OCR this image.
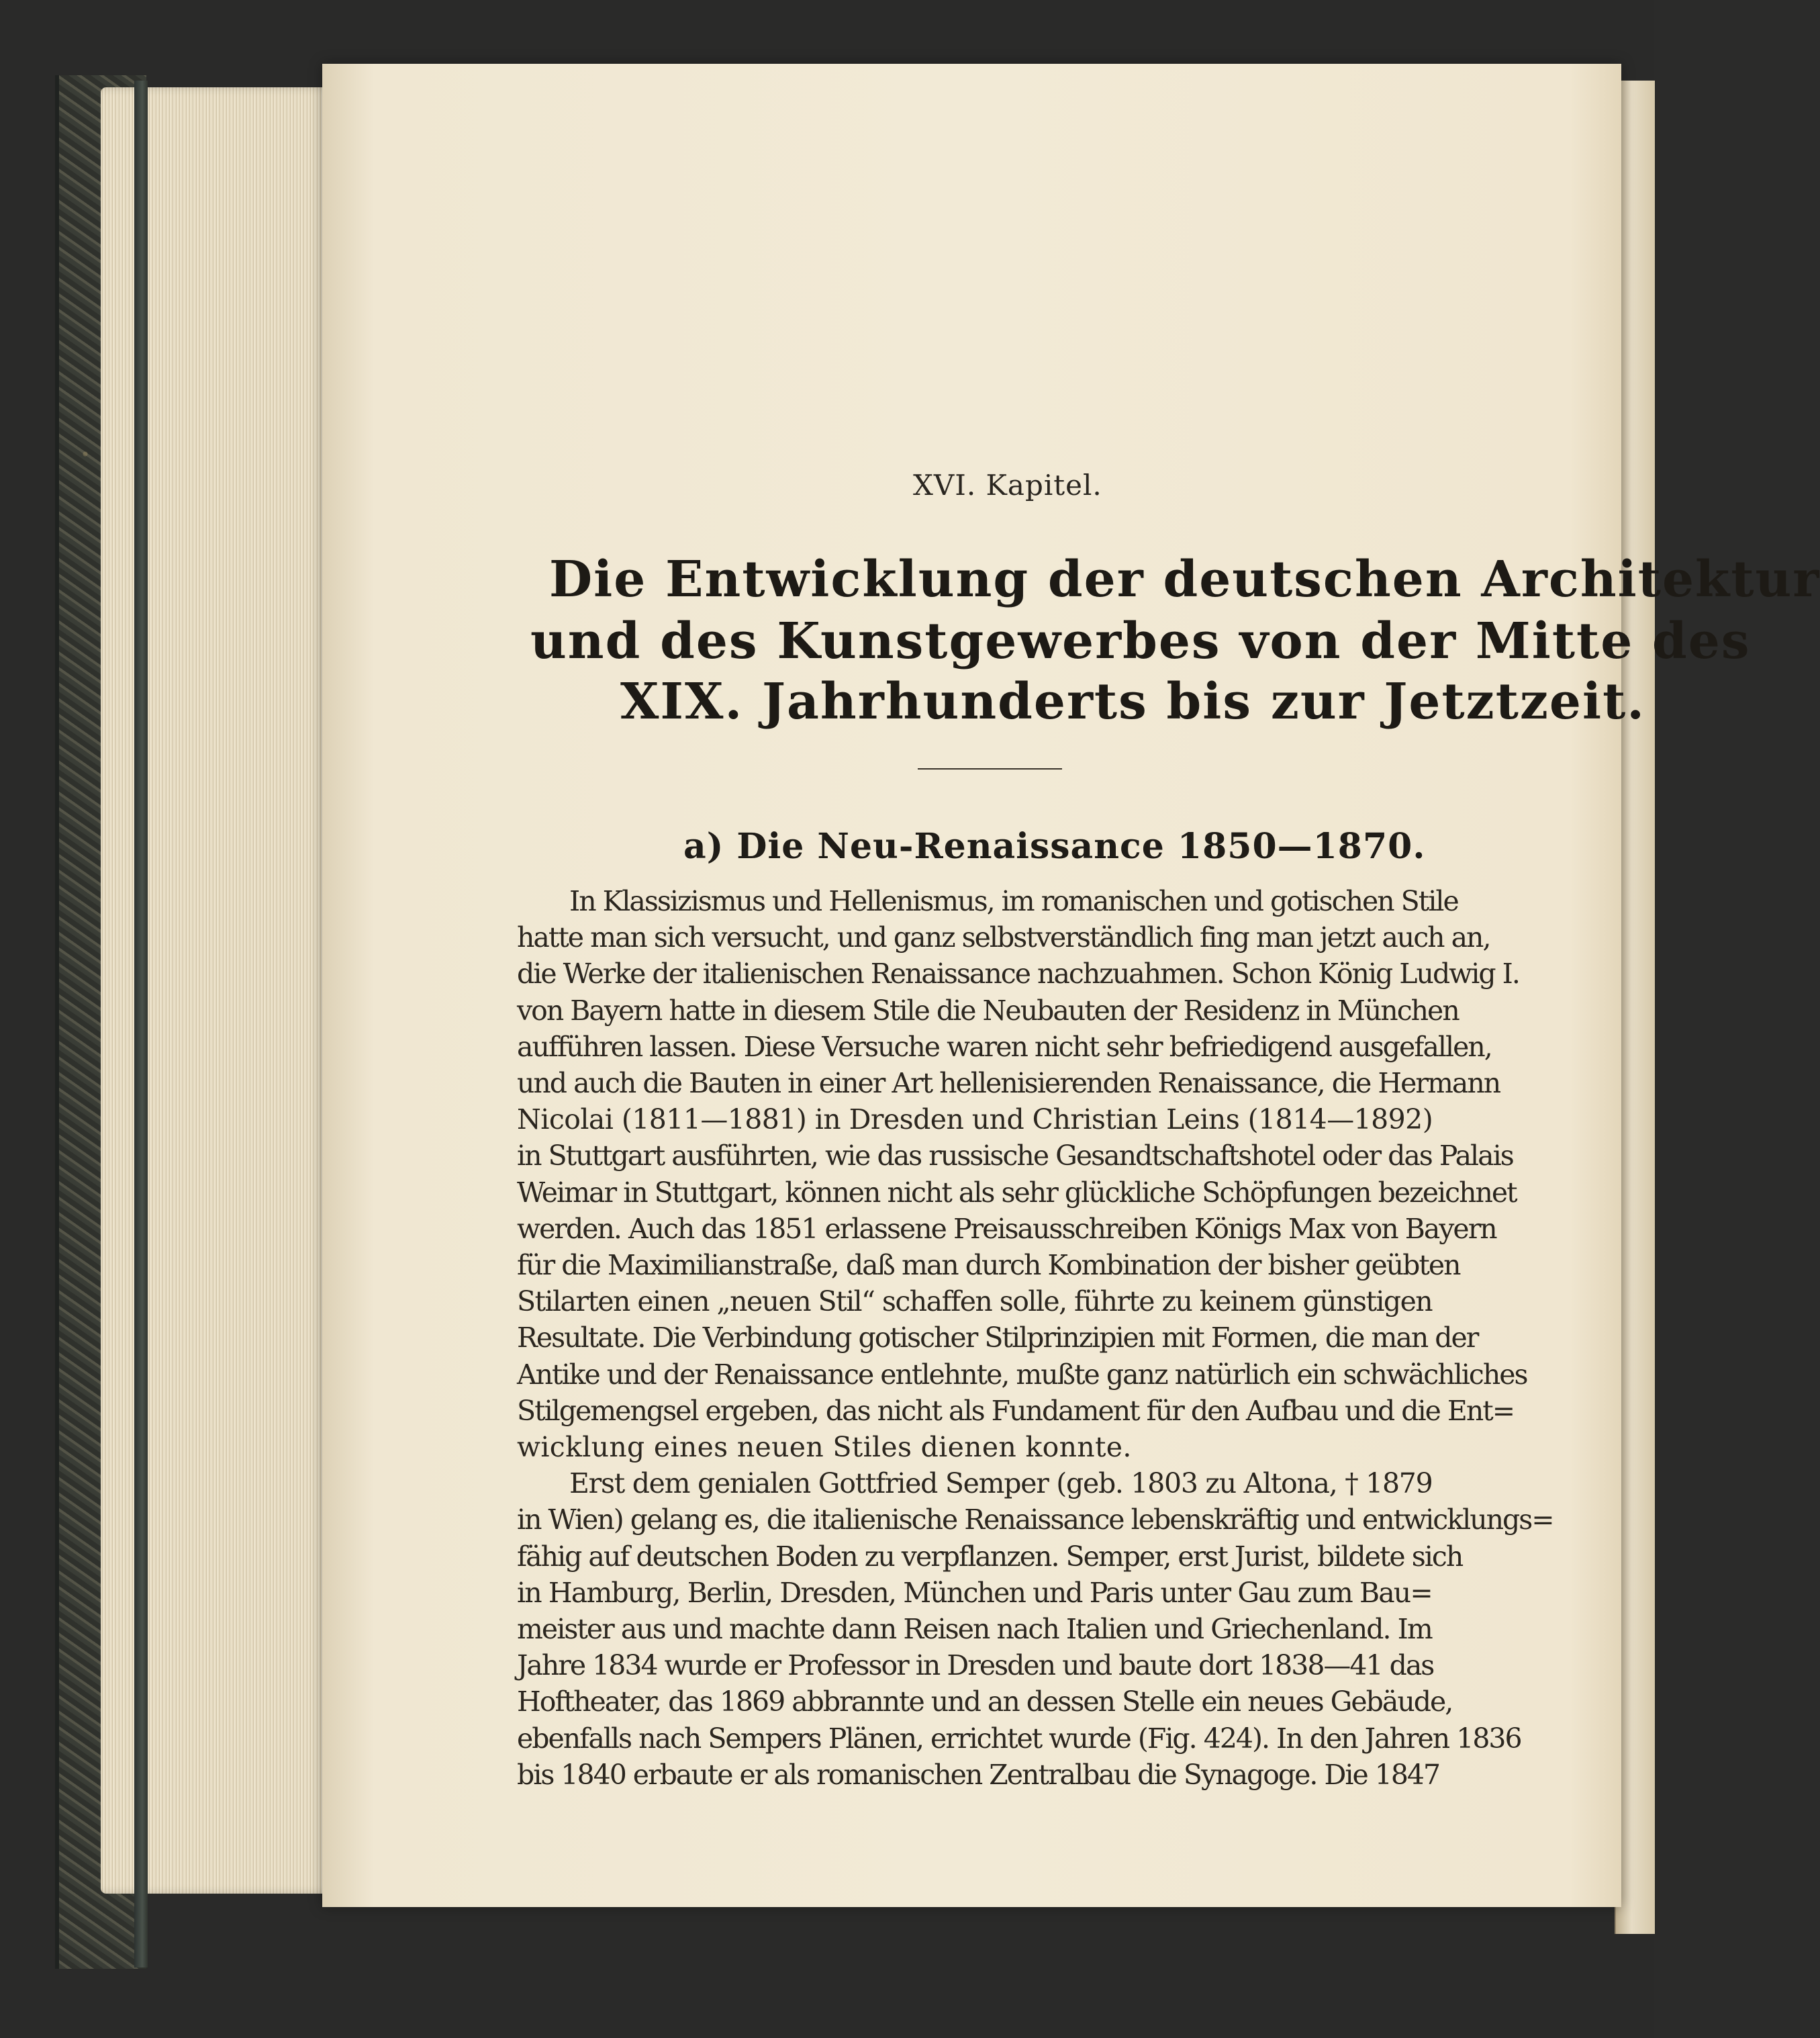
XVI. Kapitel.
Die Entwicklung der deutschen Architektur
und des Kunstgewerbes von der Mitte des
XIX. Jahrhunderts bis zur Jetztzeit.
a) Die Neu-Renaissance 1850—1870.
In Klassizismus und Hellenismus, im romanischen und gotischen Stile
hatte man sich versucht, und ganz selbstverständlich fing man jetzt auch an,
die Werke der italienischen Renaissance nachzuahmen. Schon König Ludwig I.
von Bayern hatte in diesem Stile die Neubauten der Residenz in München
aufführen lassen. Diese Versuche waren nicht sehr befriedigend ausgefallen,
und auch die Bauten in einer Art hellenisierenden Renaissance, die Hermann
Nicolai (1811—1881) in Dresden und Christian Leins (1814—1892)
in Stuttgart ausführten, wie das russische Gesandtschaftshotel oder das Palais
Weimar in Stuttgart, können nicht als sehr glückliche Schöpfungen bezeichnet
werden. Auch das 1851 erlassene Preisausschreiben Königs Max von Bayern
für die Maximilianstraße, daß man durch Kombination der bisher geübten
Stilarten einen „neuen Stil“ schaffen solle, führte zu keinem günstigen
Resultate. Die Verbindung gotischer Stilprinzipien mit Formen, die man der
Antike und der Renaissance entlehnte, mußte ganz natürlich ein schwächliches
Stilgemengsel ergeben, das nicht als Fundament für den Aufbau und die Ent=
wicklung eines neuen Stiles dienen konnte.
Erst dem genialen Gottfried Semper (geb. 1803 zu Altona, † 1879
in Wien) gelang es, die italienische Renaissance lebenskräftig und entwicklungs=
fähig auf deutschen Boden zu verpflanzen. Semper, erst Jurist, bildete sich
in Hamburg, Berlin, Dresden, München und Paris unter Gau zum Bau=
meister aus und machte dann Reisen nach Italien und Griechenland. Im
Jahre 1834 wurde er Professor in Dresden und baute dort 1838—41 das
Hoftheater, das 1869 abbrannte und an dessen Stelle ein neues Gebäude,
ebenfalls nach Sempers Plänen, errichtet wurde (Fig. 424). In den Jahren 1836
bis 1840 erbaute er als romanischen Zentralbau die Synagoge. Die 1847
